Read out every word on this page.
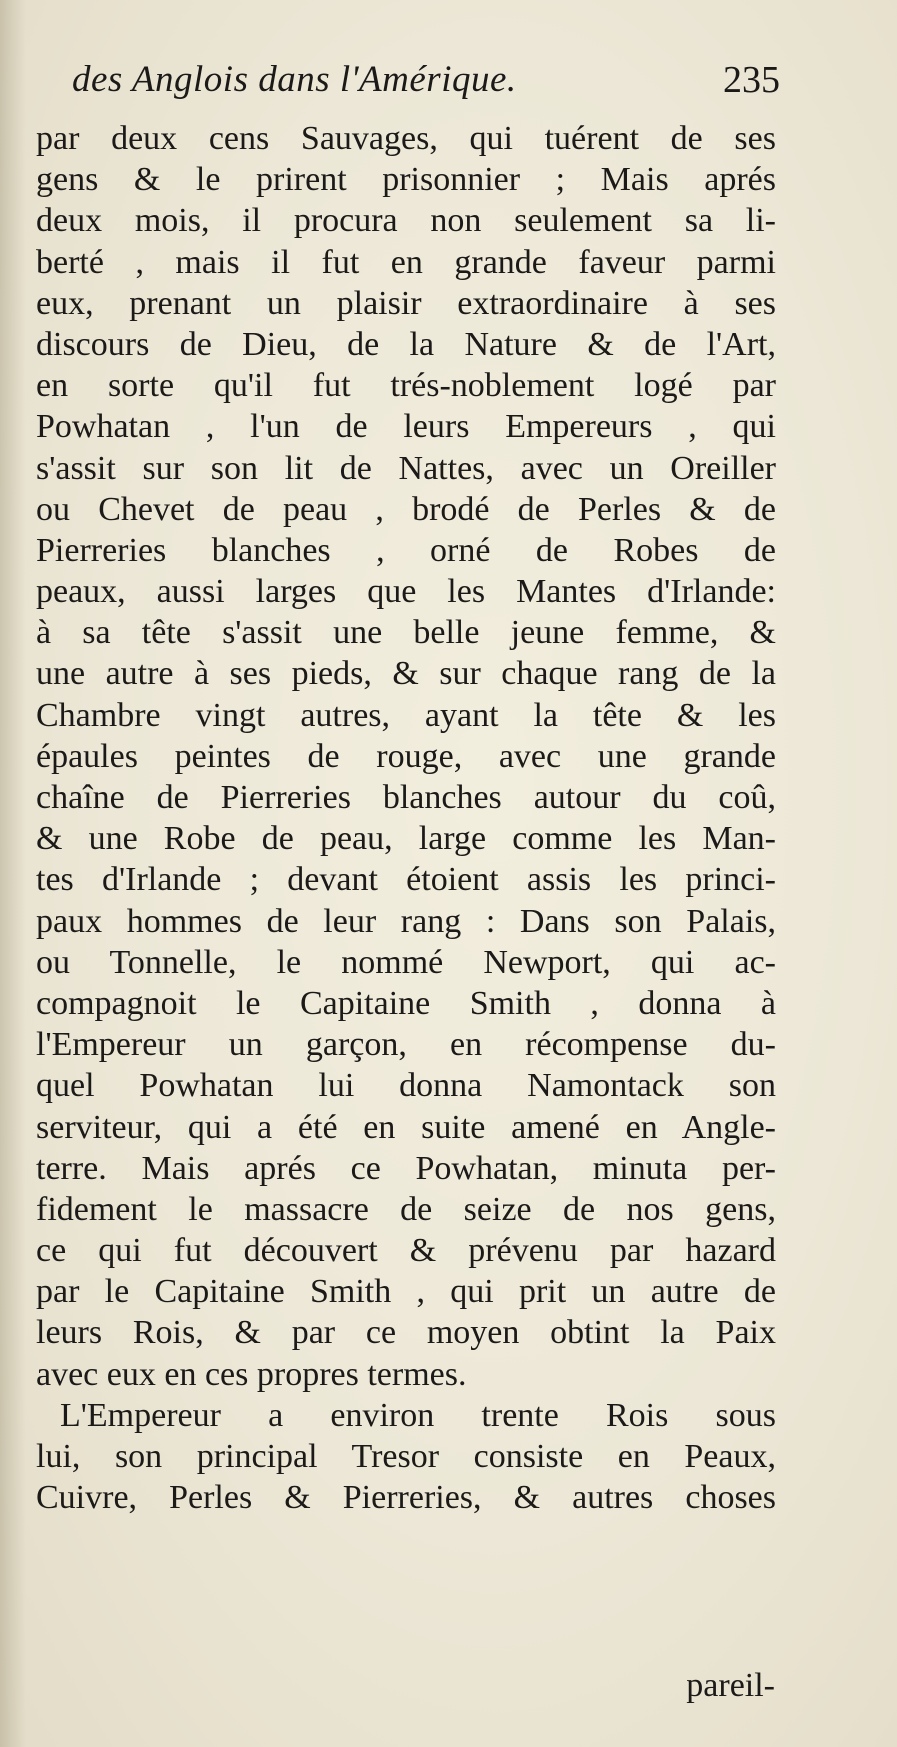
des Anglois dans l'Amérique.	235
par deux cens Sauvages, qui tuérent de ses
gens & le prirent prisonnier ; Mais aprés
deux mois, il procura non seulement sa li-
berté , mais il fut en grande faveur parmi
eux, prenant un plaisir extraordinaire à ses
discours de Dieu, de la Nature & de l'Art,
en sorte qu'il fut trés-noblement logé par
Powhatan , l'un de leurs Empereurs , qui
s'assit sur son lit de Nattes, avec un Oreiller
ou Chevet de peau , brodé de Perles & de
Pierreries blanches , orné de Robes de
peaux, aussi larges que les Mantes d'Irlande:
à sa tête s'assit une belle jeune femme, &
une autre à ses pieds, & sur chaque rang de la
Chambre vingt autres, ayant la tête & les
épaules peintes de rouge, avec une grande
chaîne de Pierreries blanches autour du coû,
& une Robe de peau, large comme les Man-
tes d'Irlande ; devant étoient assis les princi-
paux hommes de leur rang : Dans son Palais,
ou Tonnelle, le nommé Newport, qui ac-
compagnoit le Capitaine Smith , donna à
l'Empereur un garçon, en récompense du-
quel Powhatan lui donna Namontack son
serviteur, qui a été en suite amené en Angle-
terre. Mais aprés ce Powhatan, minuta per-
fidement le massacre de seize de nos gens,
ce qui fut découvert & prévenu par hazard
par le Capitaine Smith , qui prit un autre de
leurs Rois, & par ce moyen obtint la Paix
avec eux en ces propres termes.
L'Empereur a environ trente Rois sous
lui, son principal Tresor consiste en Peaux,
Cuivre, Perles & Pierreries, & autres choses
pareil-
